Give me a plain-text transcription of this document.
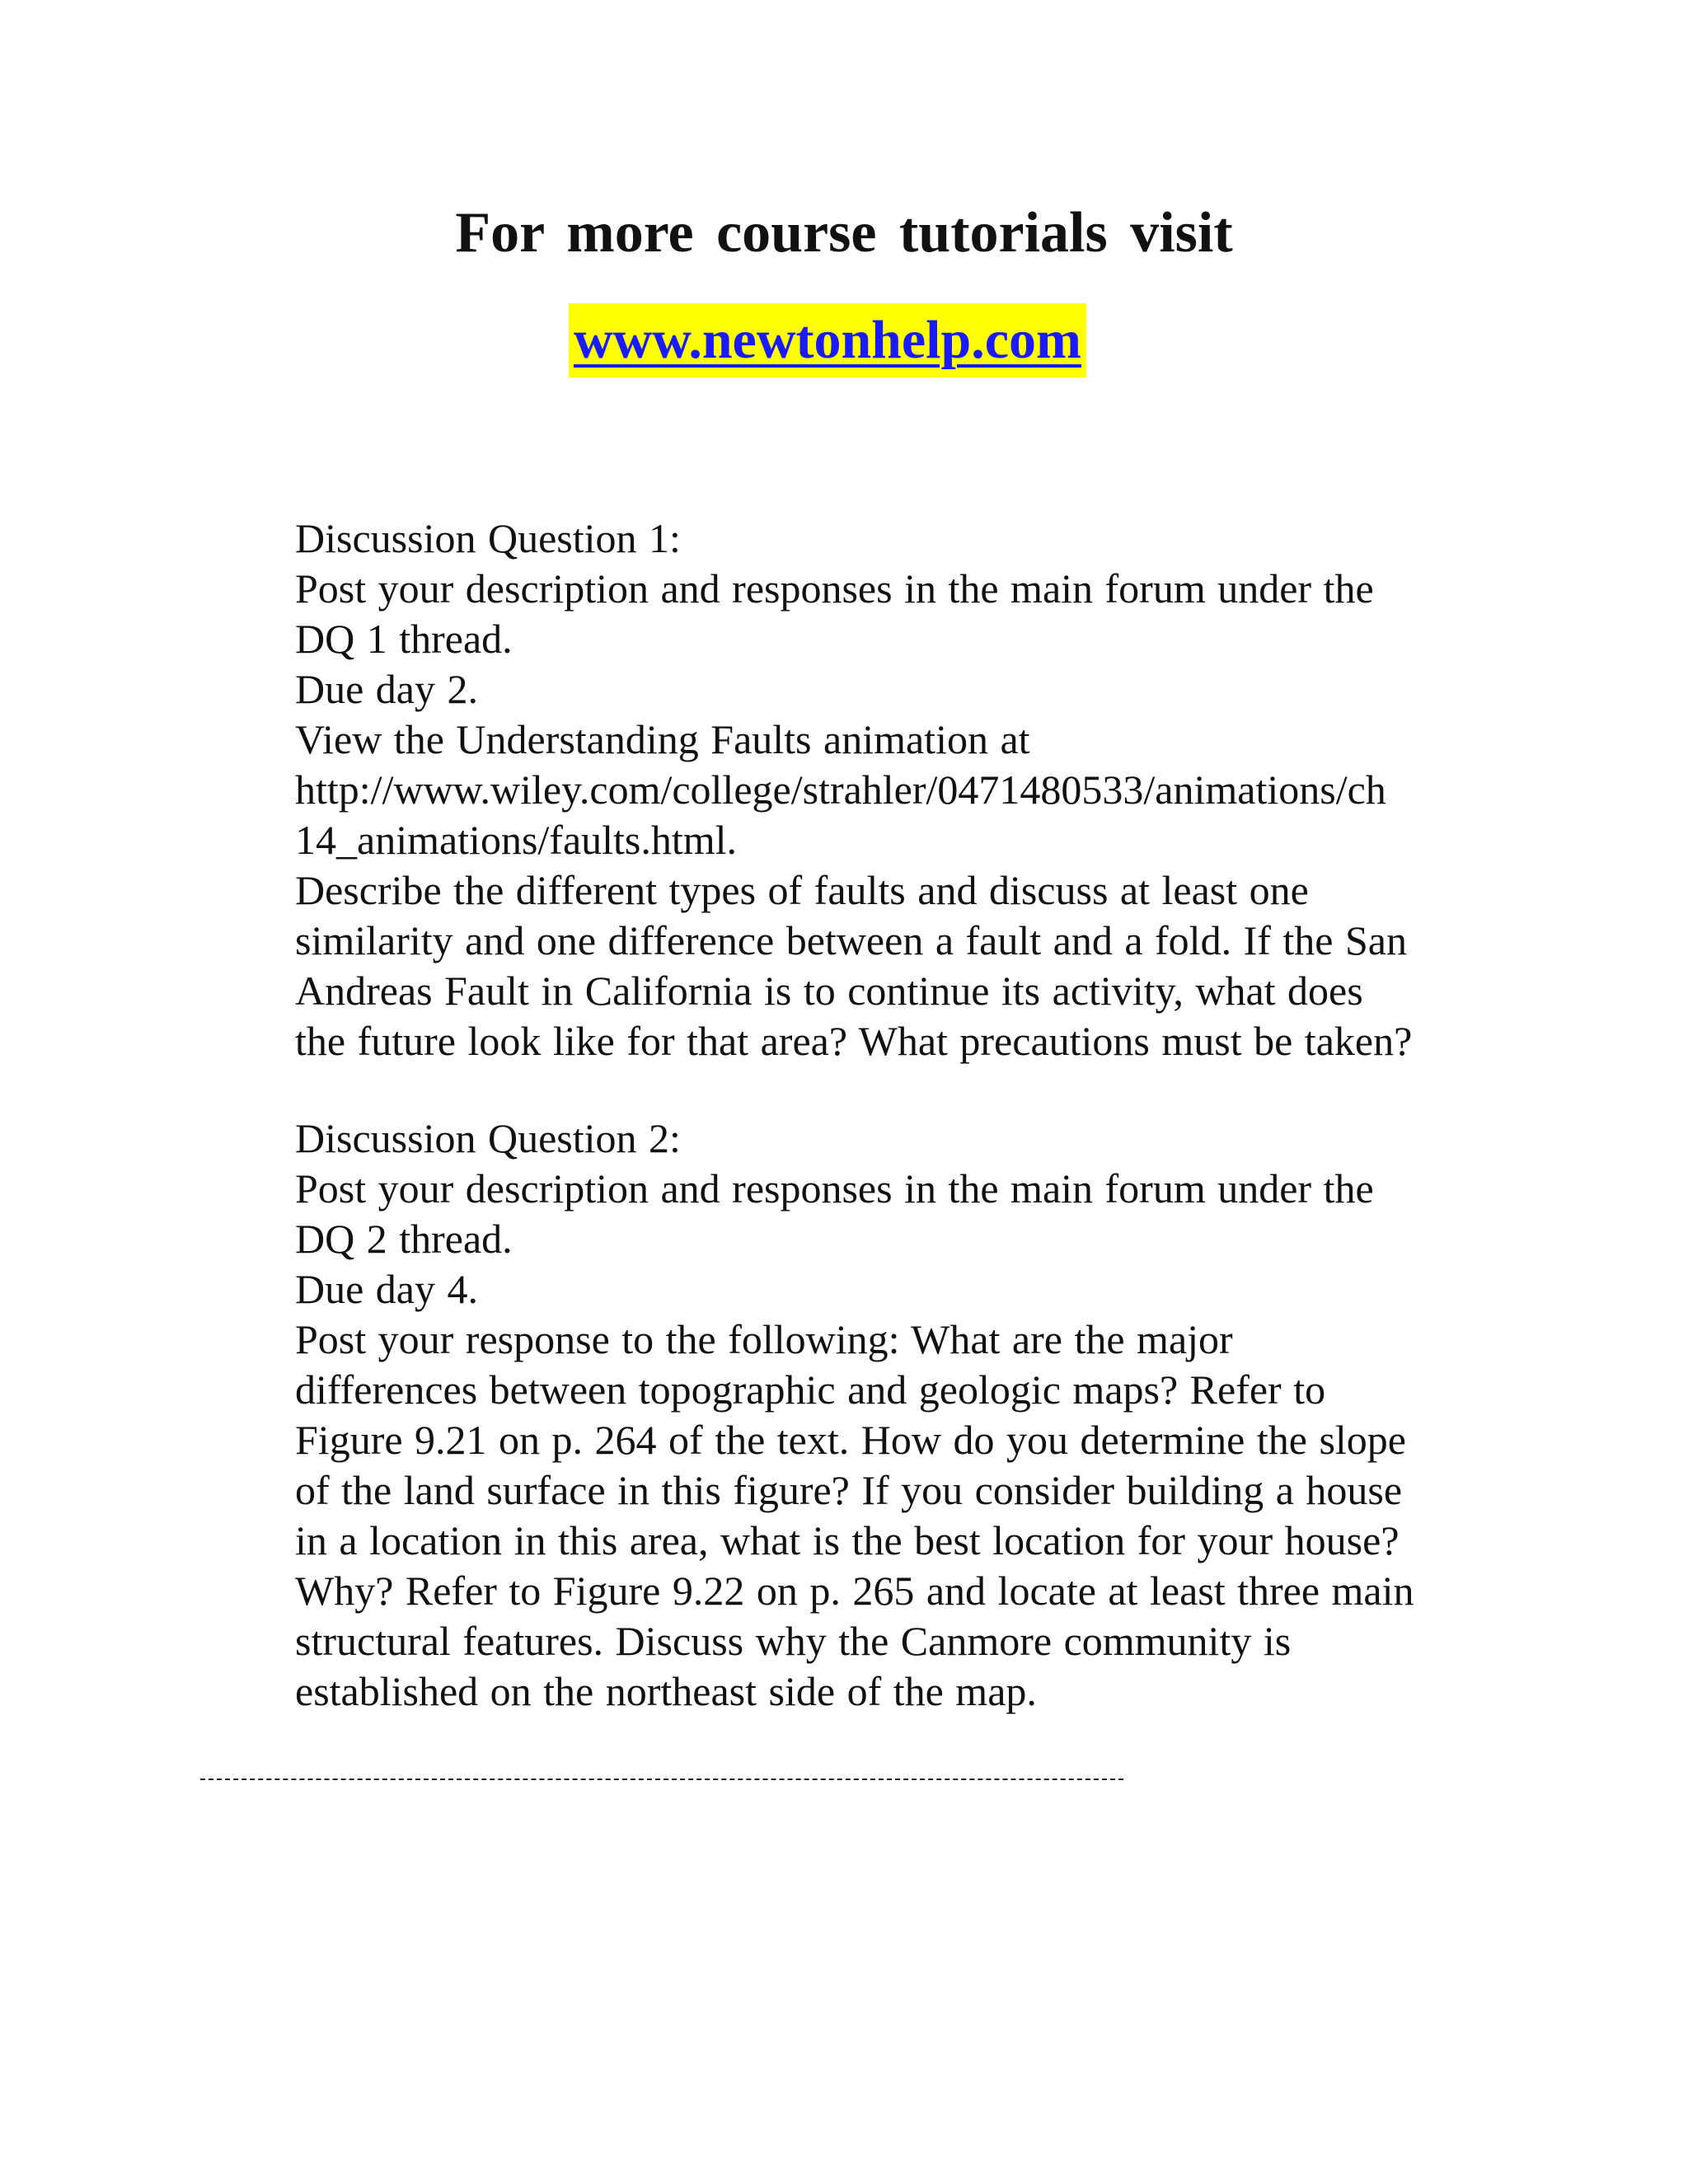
For more course tutorials visit
www.newtonhelp.com

Discussion Question 1:

Post your description and responses in the main forum under the

DQ 1 thread.

Due day 2.

View the Understanding Faults animation at

http://www.wiley.com/college/strahler/0471480533/animations/ch

14_animations/faults.html.

Describe the different types of faults and discuss at least one

similarity and one difference between a fault and a fold. If the San

Andreas Fault in California is to continue its activity, what does

the future look like for that area? What precautions must be taken?

Discussion Question 2:

Post your description and responses in the main forum under the

DQ 2 thread.

Due day 4.

Post your response to the following: What are the major

differences between topographic and geologic maps? Refer to

Figure 9.21 on p. 264 of the text. How do you determine the slope

of the land surface in this figure? If you consider building a house

in a location in this area, what is the best location for your house?

Why? Refer to Figure 9.22 on p. 265 and locate at least three main

structural features. Discuss why the Canmore community is

established on the northeast side of the map.
